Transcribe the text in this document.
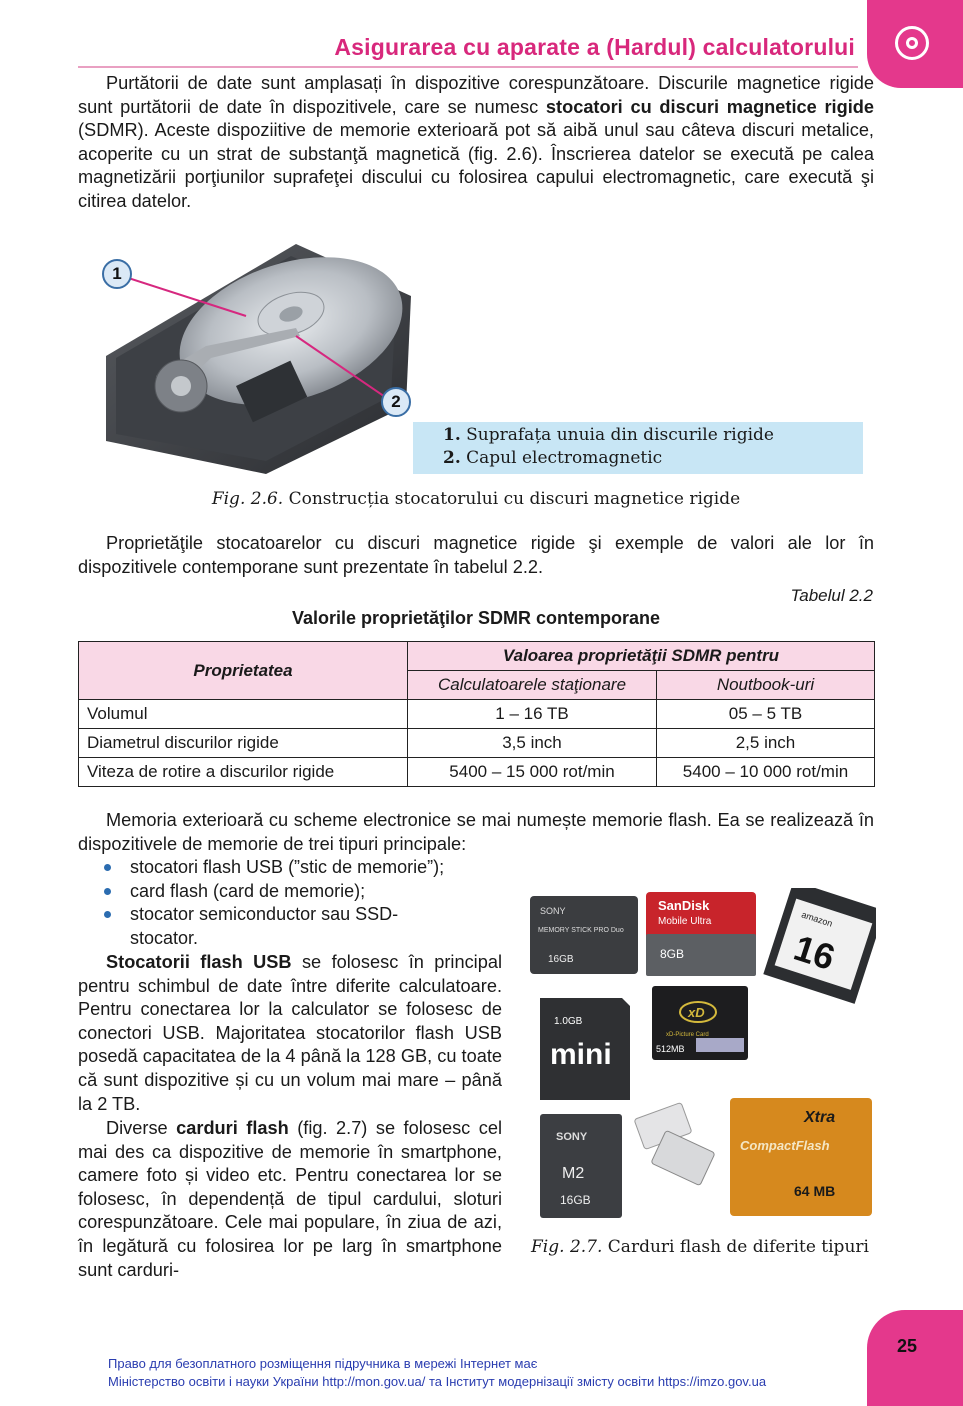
Asigurarea cu aparate a (Hardul) calculatorului

Purtătorii de date sunt amplasați în dispozitive corespunzătoare. Discurile magnetice rigide sunt purtătorii de date în dispozitivele, care se numesc stocatori cu discuri magnetice rigide (SDMR). Aceste dispoziitive de memorie exterioară pot să aibă unul sau câteva discuri metalice, acoperite cu un strat de substanţă magnetică (fig. 2.6). Înscrierea datelor se execută pe calea magnetizării porţiunilor suprafeţei discului cu folosirea capului electromagnetic, care execută şi citirea datelor.

1
2
1. Suprafața unuia din discurile rigide
2. Capul electromagnetic
Fig. 2.6. Construcția stocatorului cu discuri magnetice rigide

Proprietăţile stocatoarelor cu discuri magnetice rigide şi exemple de valori ale lor în dispozitivele contemporane sunt prezentate în tabelul 2.2.

Tabelul 2.2
Valorile proprietăţilor SDMR contemporane
Proprietatea	Valoarea proprietăţii SDMR pentru	
	Calculatoarele staţionare	Noutbook-uri
Volumul	1 – 16 TB	05 – 5 TB
Diametrul discurilor rigide	3,5 inch	2,5 inch
Viteza de rotire a discurilor rigide	5400 – 15 000 rot/min	5400 – 10 000 rot/min

Memoria exterioară cu scheme electronice se mai numește memorie flash. Ea se realizează în dispozitivele de memorie de trei tipuri principale:

stocatori flash USB (”stic de memorie”);
card flash (card de memorie);
stocator semiconductor sau SSD-stocator.

Stocatorii flash USB se folosesc în principal pentru schimbul de date între diferite calculatoare. Pentru conectarea lor la calculator se folosesc de conectori USB. Majoritatea stocatorilor flash USB posedă capacitatea de la 4 până la 128 GB, cu toate că sunt dispozitive și cu un volum mai mare – până la 2 TB.

Diverse carduri flash (fig. 2.7) se folosesc cel mai des ca dispozitive de memorie în smartphone, camere foto și video etc. Pentru conectarea lor se folosesc, în dependență de tipul cardului, sloturi corespunzătoare. Cele mai populare, în ziua de azi, în legătură cu folosirea lor pe larg în smartphone sunt carduri-

SONY
MEMORY STICK PRO Duo
16GB
SanDisk
Mobile Ultra
8GB
amazon
16
1.0GB
mini
xD
xD-Picture Card
512MB
SONY
M2
16GB
Xtra
CompactFlash
64 MB
Fig. 2.7. Carduri flash de diferite tipuri
25
Право для безоплатного розміщення підручника в мережі Інтернет має
Міністерство освіти і науки України http://mon.gov.ua/ та Інститут модернізації змісту освіти https://imzo.gov.ua
